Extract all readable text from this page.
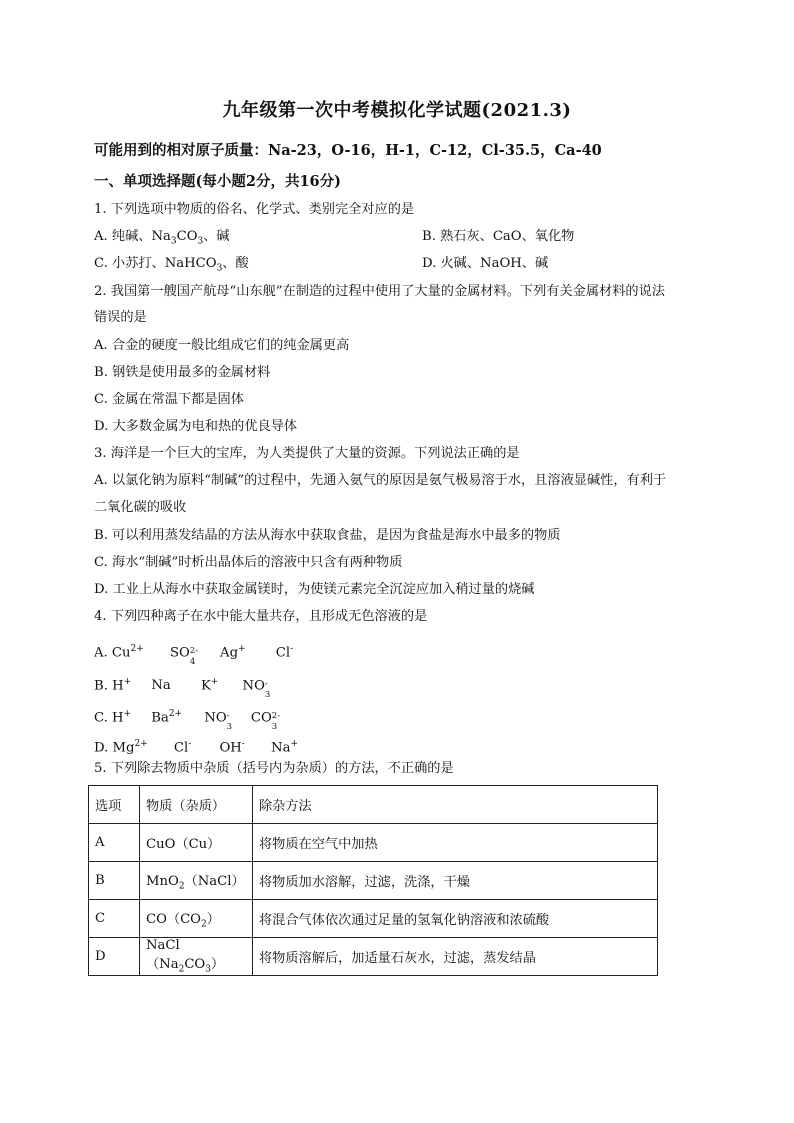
九年级第一次中考模拟化学试题(2021.3)
可能用到的相对原子质量：Na-23，O-16，H-1，C-12，Cl-35.5，Ca-40
一、单项选择题(每小题2分，共16分)
1. 下列选项中物质的俗名、化学式、类别完全对应的是
A. 纯碱、$Na_3CO_3$、碱	B. 熟石灰、CaO、氧化物
C. 小苏打、NaHCO$_3$、酸	D. 火碱、NaOH、碱
2. 我国第一艘国产航母“山东舰”在制造的过程中使用了大量的金属材料。下列有关金属材料的说法
错误的是
A. 合金的硬度一般比组成它们的纯金属更高
B. 钢铁是使用最多的金属材料
C. 金属在常温下都是固体
D. 大多数金属为电和热的优良导体
3. 海洋是一个巨大的宝库，为人类提供了大量的资源。下列说法正确的是
A. 以氯化钠为原料“制碱”的过程中，先通入氨气的原因是氨气极易溶于水，且溶液显碱性，有利于
二氧化碳的吸收
B. 可以利用蒸发结晶的方法从海水中获取食盐，是因为食盐是海水中最多的物质
C. 海水“制碱”时析出晶体后的溶液中只含有两种物质
D. 工业上从海水中获取金属镁时，为使镁元素完全沉淀应加入稍过量的烧碱
4. 下列四种离子在水中能大量共存，且形成无色溶液的是
A. $Cu^{2+}$ SO 2-
4
Ag+ Cl-
B. H+ Na K+ NO -
3
C. H+ $Ba^{2+}$ NO -
3
CO 2-
3
D. $Mg^{2+}$ Cl- OH- Na+
5. 下列除去物质中杂质（括号内为杂质）的方法，不正确的是
选项	物质（杂质）	除杂方法
A	CuO（Cu）	将物质在空气中加热
B	MnO$_2$（NaCl）	将物质加水溶解，过滤，洗涤，干燥
C	$CO(CO_2)$	将混合气体依次通过足量的氢氧化钠溶液和浓硫酸
D	$NaCl(Na_2CO_3)$	将物质溶解后，加适量石灰水，过滤，蒸发结晶
